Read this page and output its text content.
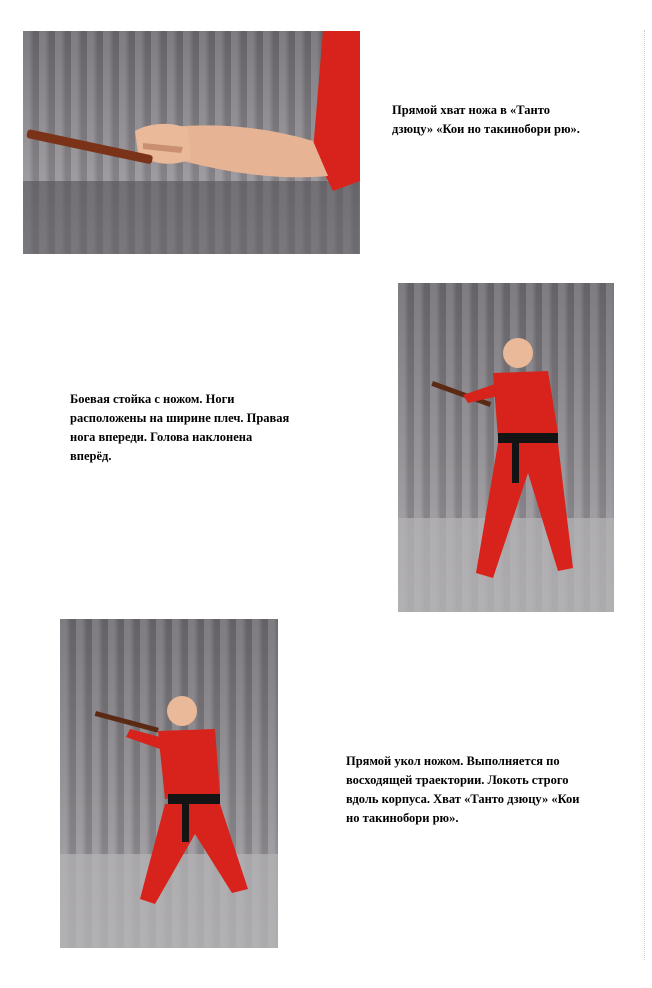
Прямой хват ножа в «Танто дзюцу» «Кои но такинобори рю».

Боевая стойка с ножом. Ноги расположены на ширине плеч. Правая нога впереди. Голова наклонена вперёд.

Прямой укол ножом. Выполняется по восходящей траектории. Локоть строго вдоль корпуса. Хват «Танто дзюцу» «Кои но такинобори рю».
